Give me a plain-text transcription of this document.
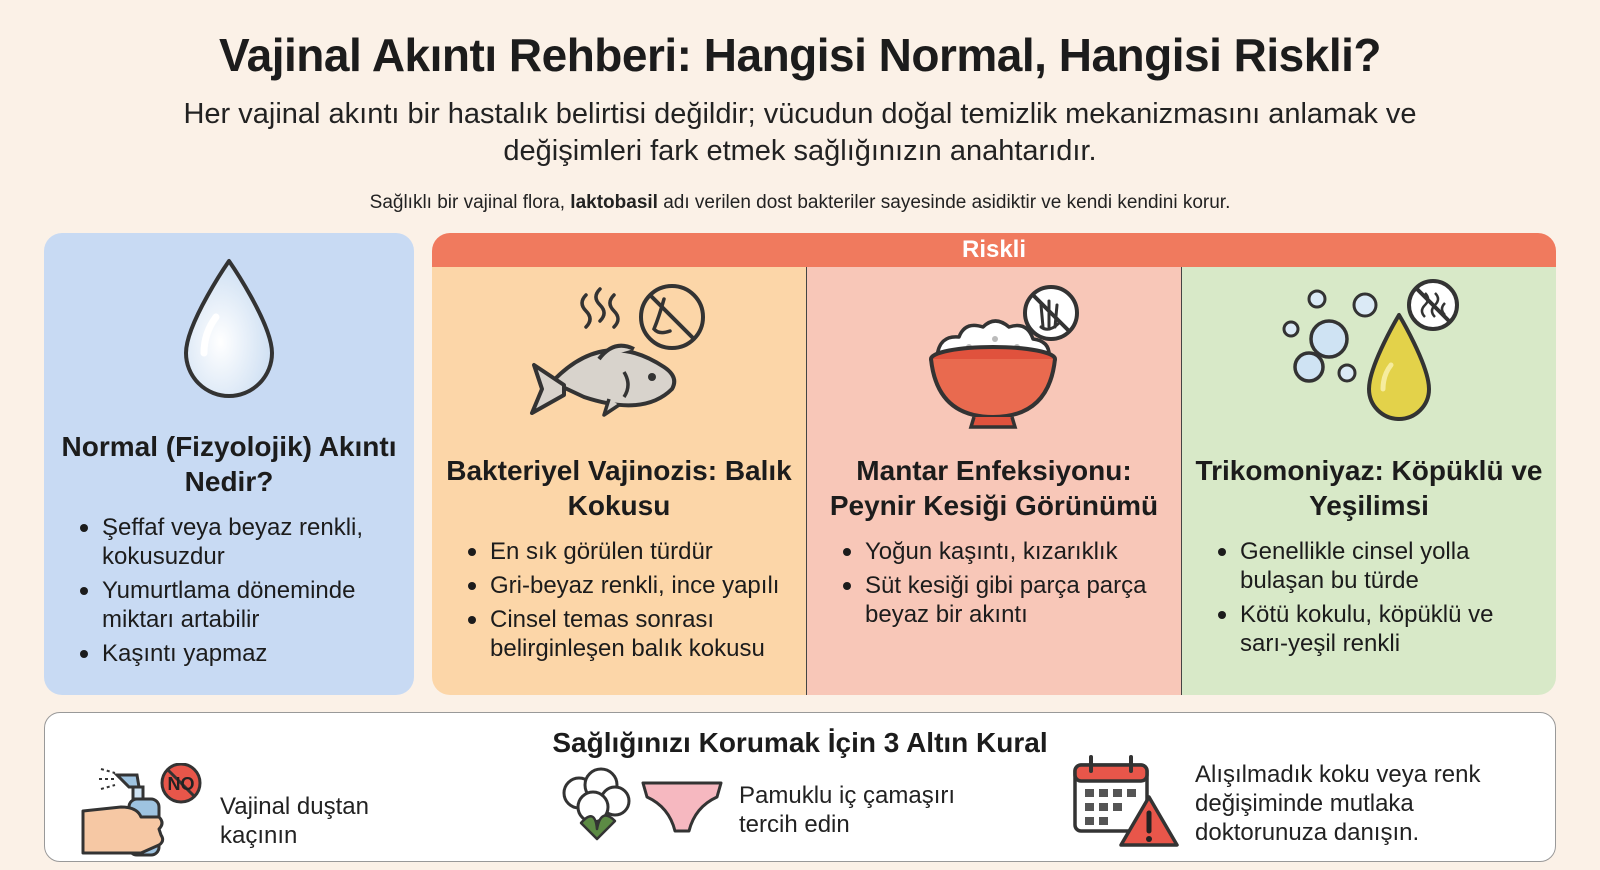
Vajinal Akıntı Rehberi: Hangisi Normal, Hangisi Riskli?
Her vajinal akıntı bir hastalık belirtisi değildir; vücudun doğal temizlik mekanizmasını anlamak ve değişimleri fark etmek sağlığınızın anahtarıdır.
Sağlıklı bir vajinal flora, laktobasil adı verilen dost bakteriler sayesinde asidiktir ve kendi kendini korur.
Normal (Fizyolojik) Akıntı Nedir?
Şeffaf veya beyaz renkli, kokusuzdur
Yumurtlama döneminde miktarı artabilir
Kaşıntı yapmaz
Riskli
Bakteriyel Vajinozis: Balık Kokusu
En sık görülen türdür
Gri-beyaz renkli, ince yapılı
Cinsel temas sonrası belirginleşen balık kokusu
Mantar Enfeksiyonu: Peynir Kesiği Görünümü
Yoğun kaşıntı, kızarıklık
Süt kesiği gibi parça parça beyaz bir akıntı
Trikomoniyaz: Köpüklü ve Yeşilimsi
Genellikle cinsel yolla bulaşan bu türde
Kötü kokulu, köpüklü ve sarı-yeşil renkli
Sağlığınızı Korumak İçin 3 Altın Kural
NO
Vajinal duştan kaçının
Pamuklu iç çamaşırı tercih edin
Alışılmadık koku veya renk değişiminde mutlaka doktorunuza danışın.
